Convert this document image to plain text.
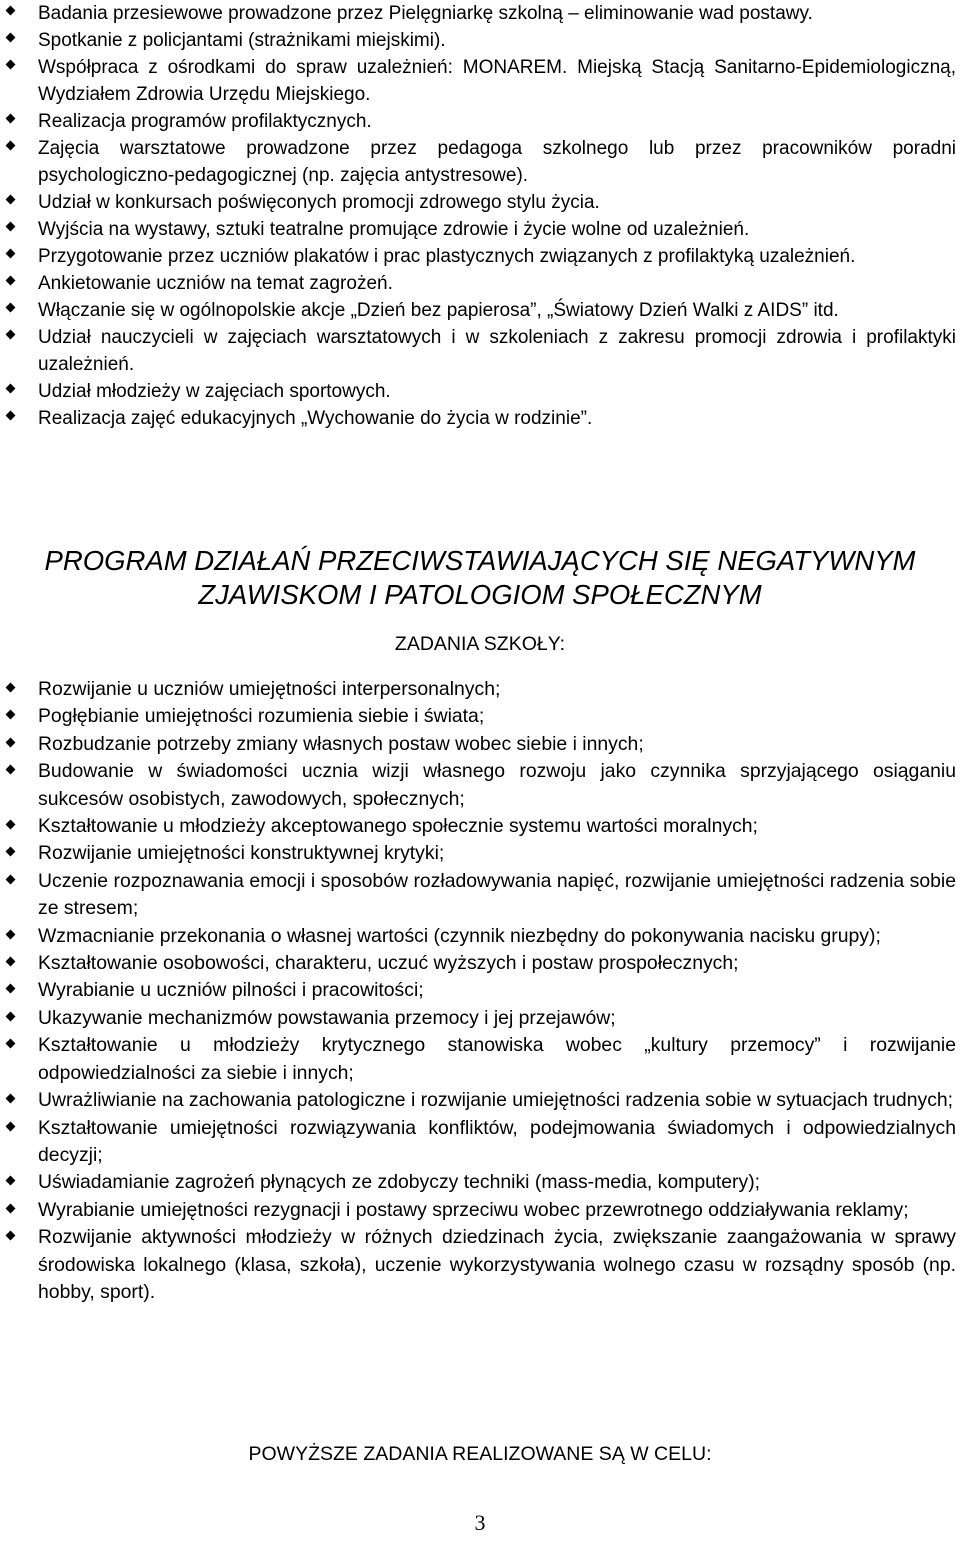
Badania przesiewowe prowadzone przez Pielęgniarkę szkolną – eliminowanie wad postawy.
Spotkanie z policjantami (strażnikami miejskimi).
Współpraca z ośrodkami do spraw uzależnień: MONAREM. Miejską Stacją Sanitarno-Epidemiologiczną, Wydziałem Zdrowia Urzędu Miejskiego.
Realizacja programów profilaktycznych.
Zajęcia warsztatowe prowadzone przez pedagoga szkolnego lub przez pracowników poradni psychologiczno-pedagogicznej (np. zajęcia antystresowe).
Udział w konkursach poświęconych promocji zdrowego stylu życia.
Wyjścia na wystawy, sztuki teatralne promujące zdrowie i życie wolne od uzależnień.
Przygotowanie przez uczniów plakatów i prac plastycznych związanych z profilaktyką uzależnień.
Ankietowanie uczniów na temat zagrożeń.
Włączanie się w ogólnopolskie akcje „Dzień bez papierosa”, „Światowy Dzień Walki z AIDS” itd.
Udział nauczycieli w zajęciach warsztatowych i w szkoleniach z zakresu promocji zdrowia i profilaktyki uzależnień.
Udział młodzieży w zajęciach sportowych.
Realizacja zajęć edukacyjnych „Wychowanie do życia w rodzinie”.
PROGRAM DZIAŁAŃ PRZECIWSTAWIAJĄCYCH SIĘ NEGATYWNYM
ZJAWISKOM I PATOLOGIOM SPOŁECZNYM
ZADANIA SZKOŁY:
Rozwijanie u uczniów umiejętności interpersonalnych;
Pogłębianie umiejętności rozumienia siebie i świata;
Rozbudzanie potrzeby zmiany własnych postaw wobec siebie i innych;
Budowanie w świadomości ucznia wizji własnego rozwoju jako czynnika sprzyjającego osiąganiu sukcesów osobistych, zawodowych, społecznych;
Kształtowanie u młodzieży akceptowanego społecznie systemu wartości moralnych;
Rozwijanie umiejętności konstruktywnej krytyki;
Uczenie rozpoznawania emocji i sposobów rozładowywania napięć, rozwijanie umiejętności radzenia sobie ze stresem;
Wzmacnianie przekonania o własnej wartości (czynnik niezbędny do pokonywania nacisku grupy);
Kształtowanie osobowości, charakteru, uczuć wyższych i postaw prospołecznych;
Wyrabianie u uczniów pilności i pracowitości;
Ukazywanie mechanizmów powstawania przemocy i jej przejawów;
Kształtowanie u młodzieży krytycznego stanowiska wobec „kultury przemocy” i rozwijanie odpowiedzialności za siebie i innych;
Uwrażliwianie na zachowania patologiczne i rozwijanie umiejętności radzenia sobie w sytuacjach trudnych;
Kształtowanie umiejętności rozwiązywania konfliktów, podejmowania świadomych i odpowiedzialnych decyzji;
Uświadamianie zagrożeń płynących ze zdobyczy techniki (mass-media, komputery);
Wyrabianie umiejętności rezygnacji i postawy sprzeciwu wobec przewrotnego oddziaływania reklamy;
Rozwijanie aktywności młodzieży w różnych dziedzinach życia, zwiększanie zaangażowania w sprawy środowiska lokalnego (klasa, szkoła), uczenie wykorzystywania wolnego czasu w rozsądny sposób (np. hobby, sport).
POWYŻSZE ZADANIA REALIZOWANE SĄ W CELU:
3
